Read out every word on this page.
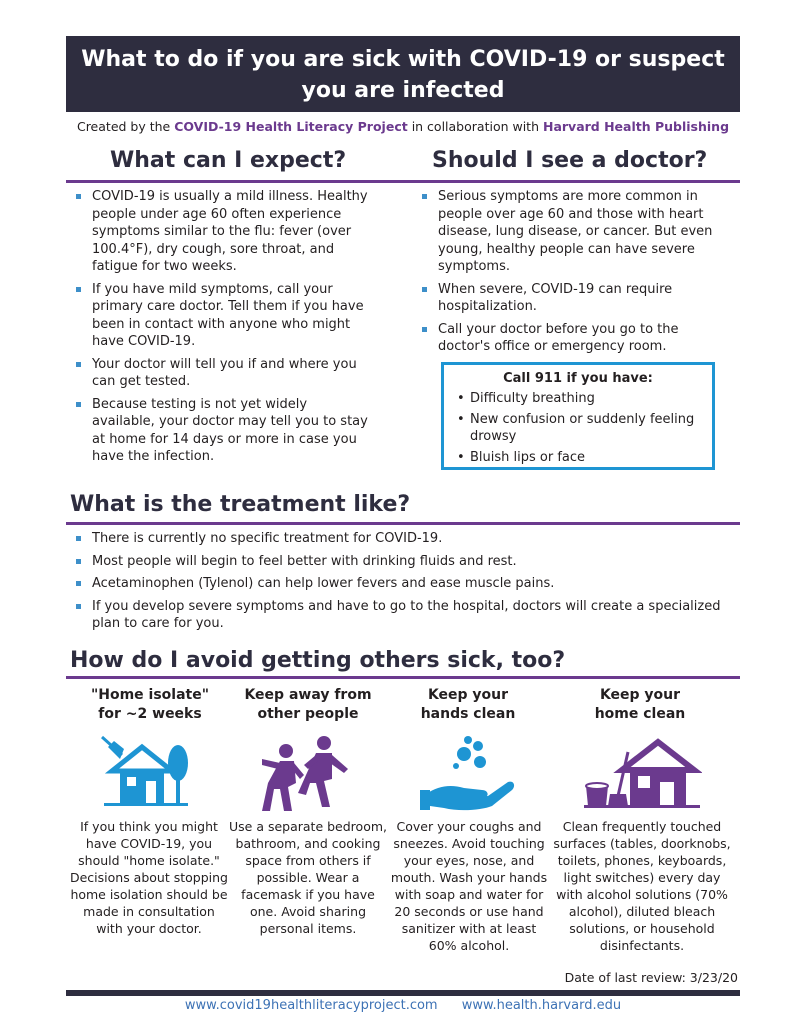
What to do if you are sick with COVID-19 or suspect you are infected
Created by the COVID-19 Health Literacy Project in collaboration with Harvard Health Publishing
What can I expect?
COVID-19 is usually a mild illness. Healthy people under age 60 often experience symptoms similar to the flu: fever (over 100.4°F), dry cough, sore throat, and fatigue for two weeks.
If you have mild symptoms, call your primary care doctor. Tell them if you have been in contact with anyone who might have COVID-19.
Your doctor will tell you if and where you can get tested.
Because testing is not yet widely available, your doctor may tell you to stay at home for 14 days or more in case you have the infection.
Should I see a doctor?
Serious symptoms are more common in people over age 60 and those with heart disease, lung disease, or cancer. But even young, healthy people can have severe symptoms.
When severe, COVID-19 can require hospitalization.
Call your doctor before you go to the doctor's office or emergency room.
Call 911 if you have:
• Difficulty breathing
• New confusion or suddenly feeling drowsy
• Bluish lips or face
What is the treatment like?
There is currently no specific treatment for COVID-19.
Most people will begin to feel better with drinking fluids and rest.
Acetaminophen (Tylenol) can help lower fevers and ease muscle pains.
If you develop severe symptoms and have to go to the hospital, doctors will create a specialized plan to care for you.
How do I avoid getting others sick, too?
"Home isolate"
for ~2 weeks
If you think you might have COVID-19, you should "home isolate." Decisions about stopping home isolation should be made in consultation with your doctor.
Keep away from
other people
Use a separate bedroom, bathroom, and cooking space from others if possible. Wear a facemask if you have one. Avoid sharing personal items.
Keep your
hands clean
Cover your coughs and sneezes. Avoid touching your eyes, nose, and mouth. Wash your hands with soap and water for 20 seconds or use hand sanitizer with at least 60% alcohol.
Keep your
home clean
Clean frequently touched surfaces (tables, doorknobs, toilets, phones, keyboards, light switches) every day with alcohol solutions (70% alcohol), diluted bleach solutions, or household disinfectants.
Date of last review: 3/23/20
www.covid19healthliteracyproject.com www.health.harvard.edu
